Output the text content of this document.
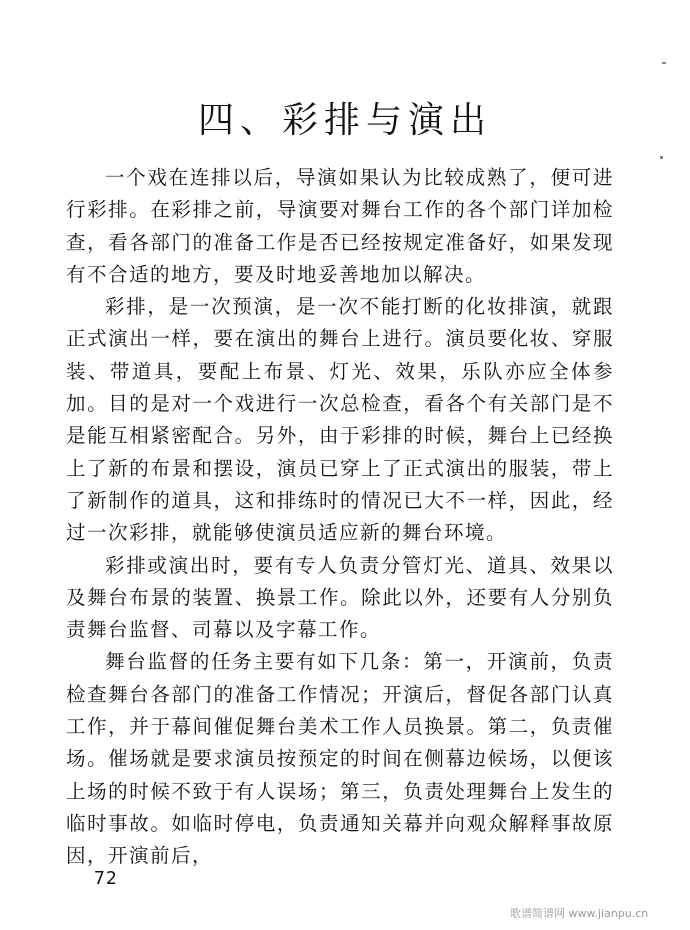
四、彩排与演出

一个戏在连排以后，导演如果认为比较成熟了，便可进行彩排。在彩排之前，导演要对舞台工作的各个部门详加检查，看各部门的准备工作是否已经按规定准备好，如果发现有不合适的地方，要及时地妥善地加以解决。

彩排，是一次预演，是一次不能打断的化妆排演，就跟正式演出一样，要在演出的舞台上进行。演员要化妆、穿服装、带道具，要配上布景、灯光、效果，乐队亦应全体参加。目的是对一个戏进行一次总检查，看各个有关部门是不是能互相紧密配合。另外，由于彩排的时候，舞台上已经换上了新的布景和摆设，演员已穿上了正式演出的服装，带上了新制作的道具，这和排练时的情况已大不一样，因此，经过一次彩排，就能够使演员适应新的舞台环境。

彩排或演出时，要有专人负责分管灯光、道具、效果以及舞台布景的装置、换景工作。除此以外，还要有人分别负责舞台监督、司幕以及字幕工作。

舞台监督的任务主要有如下几条：第一，开演前，负责检查舞台各部门的准备工作情况；开演后，督促各部门认真工作，并于幕间催促舞台美术工作人员换景。第二，负责催场。催场就是要求演员按预定的时间在侧幕边候场，以便该上场的时候不致于有人误场；第三，负责处理舞台上发生的临时事故。如临时停电，负责通知关幕并向观众解释事故原因，开演前后，

72
歌谱简谱网 www.jianpu.cn
